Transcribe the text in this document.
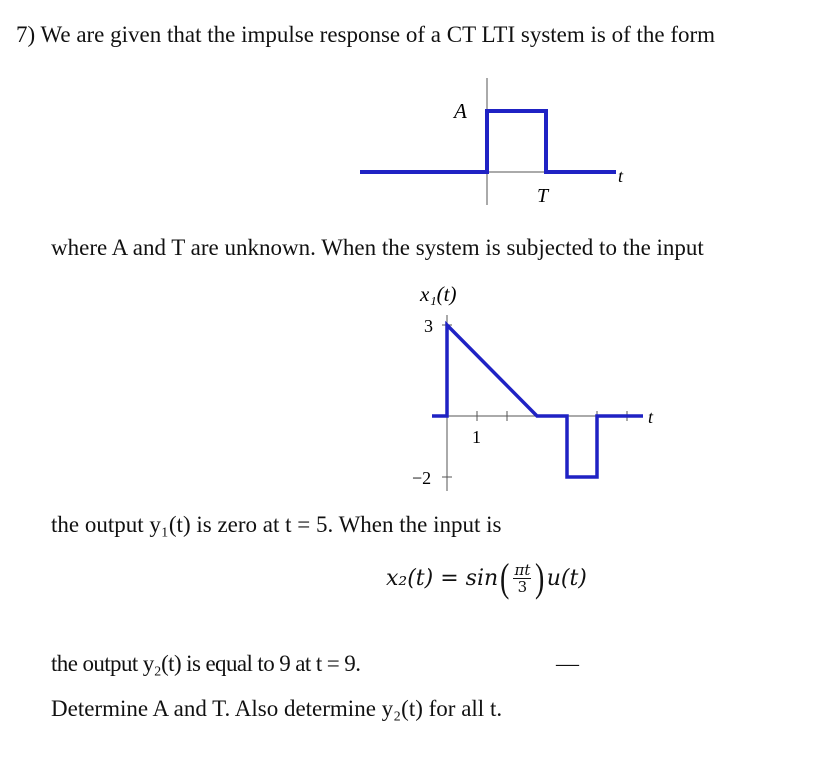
7) We are given that the impulse response of a CT LTI system is of the form
A
t
T
where A and T are unknown. When the system is subjected to the input
x₁(t)
3
1
−2
t
the output y₁(t) is zero at t = 5. When the input is
x₂(t) = sin ( $\frac{\pi t}{3}$ ) u(t)
the output y₂(t) is equal to 9 at t = 9.	—
Determine A and T. Also determine y₂(t) for all t.
